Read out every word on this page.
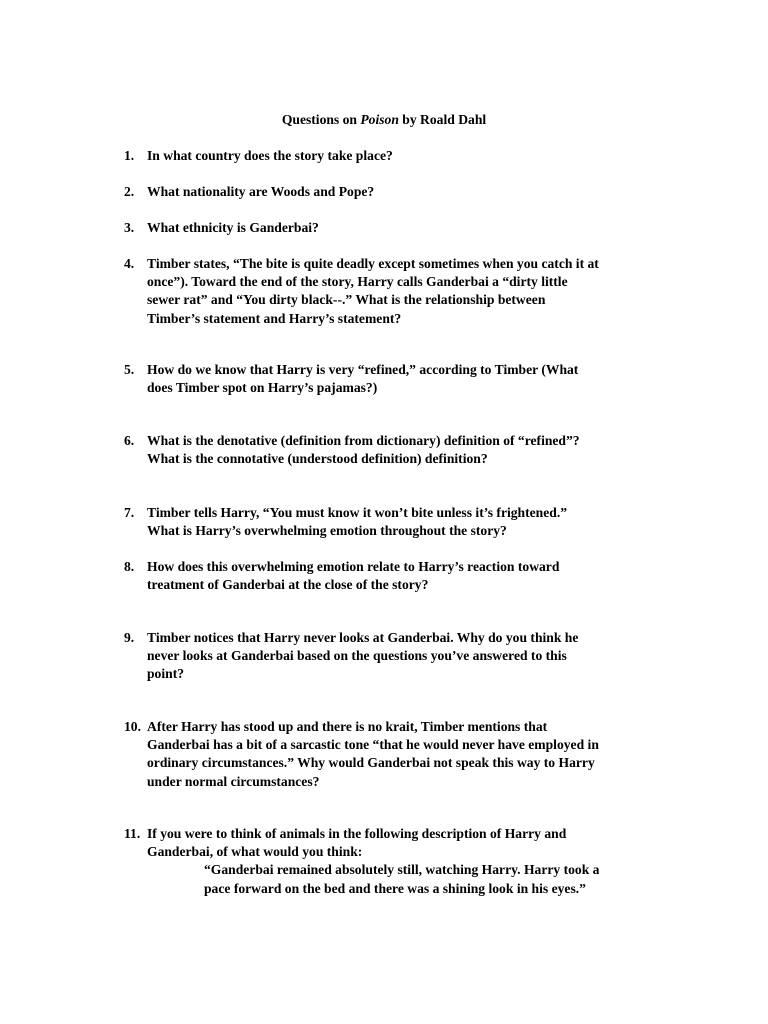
Questions on Poison by Roald Dahl
1. In what country does the story take place?
2. What nationality are Woods and Pope?
3. What ethnicity is Ganderbai?
4. Timber states, “The bite is quite deadly except sometimes when you catch it at
once”). Toward the end of the story, Harry calls Ganderbai a “dirty little
sewer rat” and “You dirty black--.” What is the relationship between
Timber’s statement and Harry’s statement?
5. How do we know that Harry is very “refined,” according to Timber (What
does Timber spot on Harry’s pajamas?)
6. What is the denotative (definition from dictionary) definition of “refined”?
What is the connotative (understood definition) definition?
7. Timber tells Harry, “You must know it won’t bite unless it’s frightened.”
What is Harry’s overwhelming emotion throughout the story?
8. How does this overwhelming emotion relate to Harry’s reaction toward
treatment of Ganderbai at the close of the story?
9. Timber notices that Harry never looks at Ganderbai. Why do you think he
never looks at Ganderbai based on the questions you’ve answered to this
point?
10. After Harry has stood up and there is no krait, Timber mentions that
Ganderbai has a bit of a sarcastic tone “that he would never have employed in
ordinary circumstances.” Why would Ganderbai not speak this way to Harry
under normal circumstances?
11. If you were to think of animals in the following description of Harry and
Ganderbai, of what would you think:
“Ganderbai remained absolutely still, watching Harry. Harry took a
pace forward on the bed and there was a shining look in his eyes.”
